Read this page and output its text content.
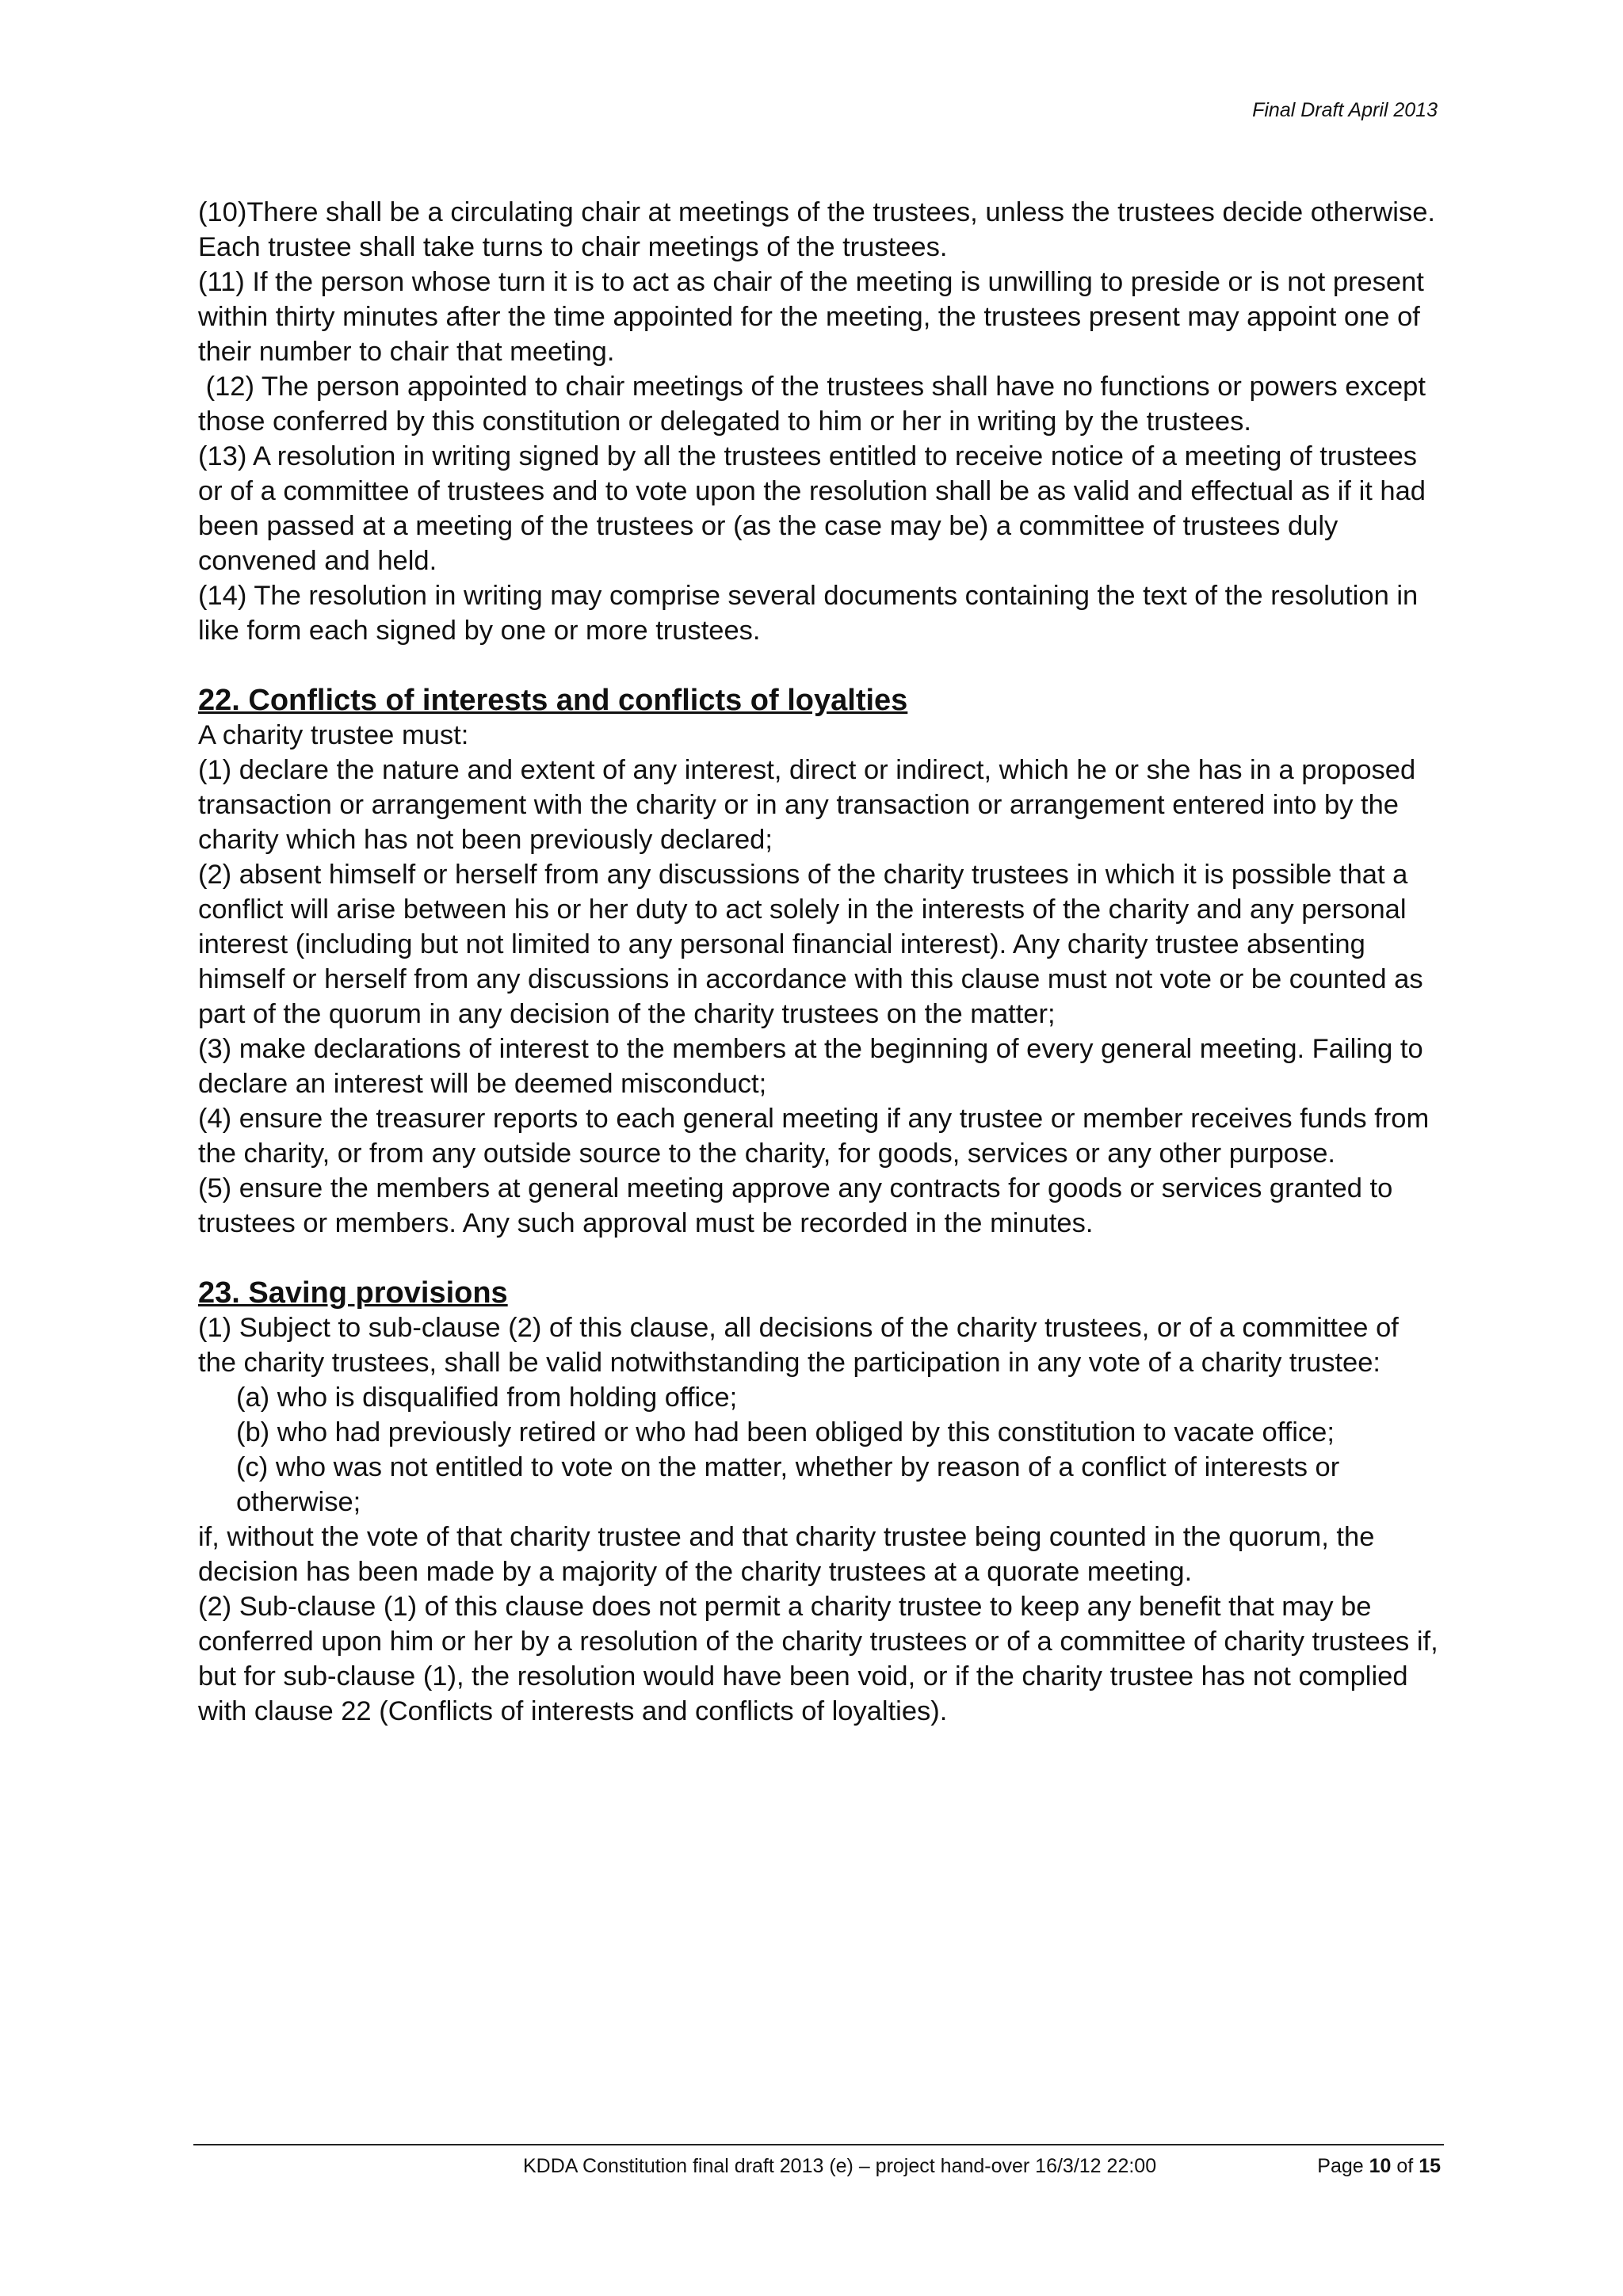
Final Draft April 2013

(10)There shall be a circulating chair at meetings of the trustees, unless the trustees decide otherwise. Each trustee shall take turns to chair meetings of the trustees.

(11) If the person whose turn it is to act as chair of the meeting is unwilling to preside or is not present within thirty minutes after the time appointed for the meeting, the trustees present may appoint one of their number to chair that meeting.

(12) The person appointed to chair meetings of the trustees shall have no functions or powers except those conferred by this constitution or delegated to him or her in writing by the trustees.

(13) A resolution in writing signed by all the trustees entitled to receive notice of a meeting of trustees or of a committee of trustees and to vote upon the resolution shall be as valid and effectual as if it had been passed at a meeting of the trustees or (as the case may be) a committee of trustees duly convened and held.

(14) The resolution in writing may comprise several documents containing the text of the resolution in like form each signed by one or more trustees.

22. Conflicts of interests and conflicts of loyalties

A charity trustee must:

(1) declare the nature and extent of any interest, direct or indirect, which he or she has in a proposed transaction or arrangement with the charity or in any transaction or arrangement entered into by the charity which has not been previously declared;

(2) absent himself or herself from any discussions of the charity trustees in which it is possible that a conflict will arise between his or her duty to act solely in the interests of the charity and any personal interest (including but not limited to any personal financial interest). Any charity trustee absenting himself or herself from any discussions in accordance with this clause must not vote or be counted as part of the quorum in any decision of the charity trustees on the matter;

(3) make declarations of interest to the members at the beginning of every general meeting. Failing to declare an interest will be deemed misconduct;

(4) ensure the treasurer reports to each general meeting if any trustee or member receives funds from the charity, or from any outside source to the charity, for goods, services or any other purpose.

(5) ensure the members at general meeting approve any contracts for goods or services granted to trustees or members. Any such approval must be recorded in the minutes.

23. Saving provisions

(1) Subject to sub-clause (2) of this clause, all decisions of the charity trustees, or of a committee of the charity trustees, shall be valid notwithstanding the participation in any vote of a charity trustee:

(a) who is disqualified from holding office;

(b) who had previously retired or who had been obliged by this constitution to vacate office;

(c) who was not entitled to vote on the matter, whether by reason of a conflict of interests or otherwise;

if, without the vote of that charity trustee and that charity trustee being counted in the quorum, the decision has been made by a majority of the charity trustees at a quorate meeting.

(2) Sub-clause (1) of this clause does not permit a charity trustee to keep any benefit that may be conferred upon him or her by a resolution of the charity trustees or of a committee of charity trustees if, but for sub-clause (1), the resolution would have been void, or if the charity trustee has not complied with clause 22 (Conflicts of interests and conflicts of loyalties).

KDDA Constitution final draft 2013 (e) – project hand-over 16/3/12 22:00	Page 10 of 15
